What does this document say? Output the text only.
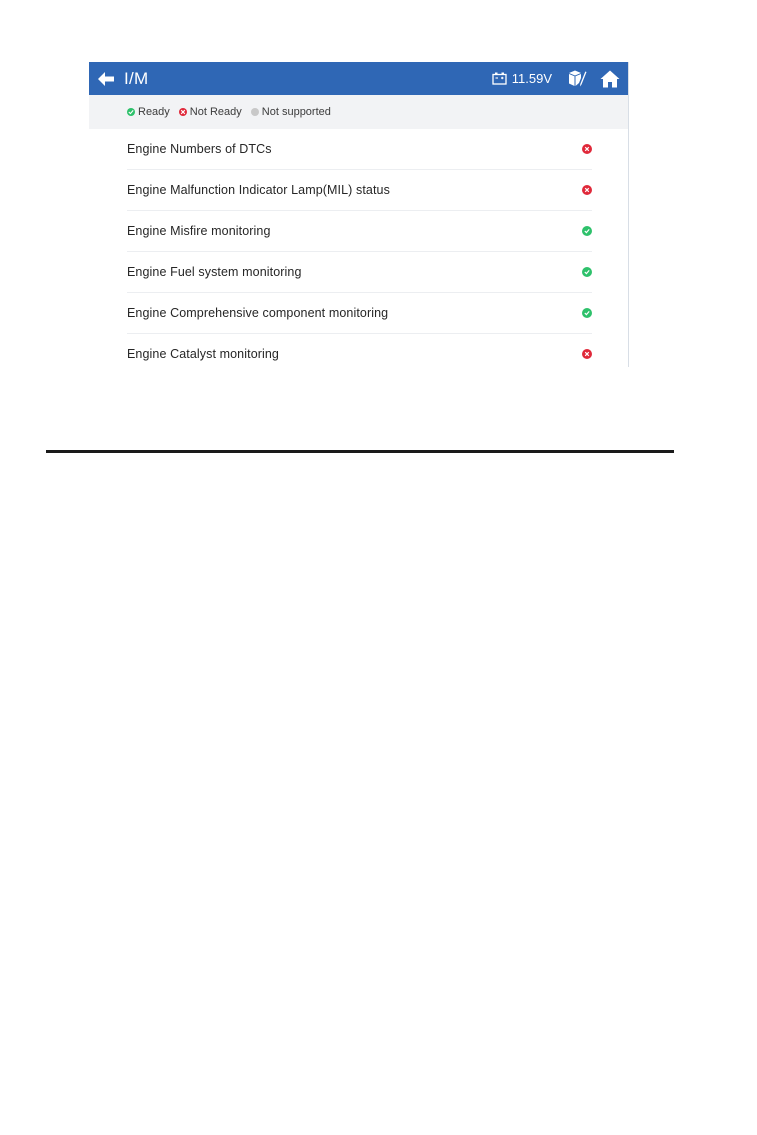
I/M	11.59V
Ready Not Ready Not supported
Engine Numbers of DTCs
Engine Malfunction Indicator Lamp(MIL) status
Engine Misfire monitoring
Engine Fuel system monitoring
Engine Comprehensive component monitoring
Engine Catalyst monitoring
